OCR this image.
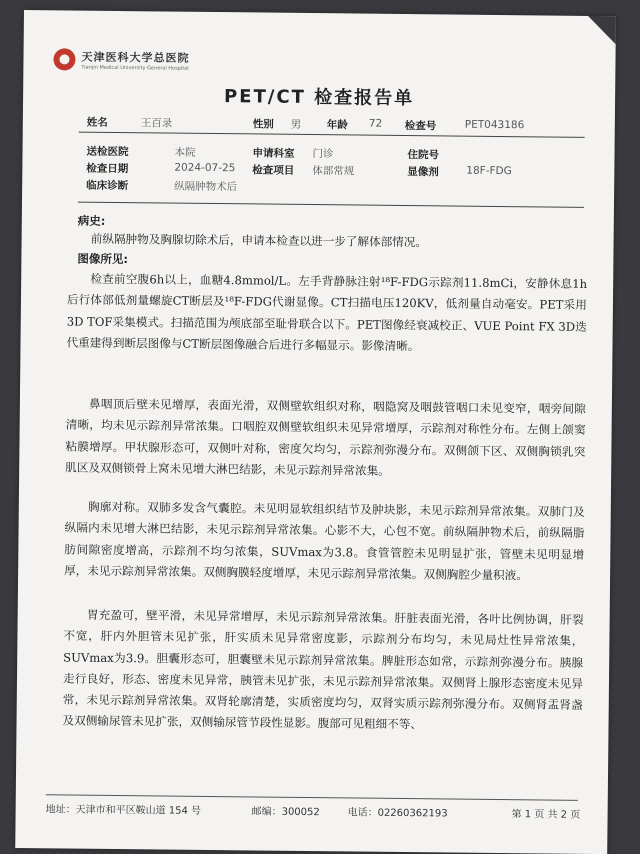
天津医科大学总医院
Tianjin Medical University General Hospital
PET/CT 检查报告单
姓名	王百录	性别 男 年龄 72 检查号	PET043186
送检医院	本院	申请科室 门诊	住院号
检查日期	2024-07-25 检查项目 体部常规	显像剂	18F-FDG
临床诊断	纵隔肿物术后
病史:
前纵隔肿物及胸腺切除术后，申请本检查以进一步了解体部情况。
图像所见:
检查前空腹6h以上，血糖4.8mmol/L。左手背静脉注射¹⁸F-FDG示踪剂11.8mCi，安静休息1h后行体部低剂量螺旋CT断层及¹⁸F-FDG代谢显像。CT扫描电压120KV，低剂量自动毫安。PET采用3D TOF采集模式。扫描范围为颅底部至耻骨联合以下。PET图像经衰减校正、VUE Point FX 3D迭代重建得到断层图像与CT断层图像融合后进行多幅显示。影像清晰。
鼻咽顶后壁未见增厚，表面光滑，双侧壁软组织对称，咽隐窝及咽鼓管咽口未见变窄，咽旁间隙清晰，均未见示踪剂异常浓集。口咽腔双侧壁软组织未见异常增厚，示踪剂对称性分布。左侧上颌窦粘膜增厚。甲状腺形态可，双侧叶对称，密度欠均匀，示踪剂弥漫分布。双侧颌下区、双侧胸锁乳突肌区及双侧锁骨上窝未见增大淋巴结影，未见示踪剂异常浓集。
胸廓对称。双肺多发含气囊腔。未见明显软组织结节及肿块影，未见示踪剂异常浓集。双肺门及纵隔内未见增大淋巴结影，未见示踪剂异常浓集。心影不大，心包不宽。前纵隔肿物术后，前纵隔脂肪间隙密度增高，示踪剂不均匀浓集，SUVmax为3.8。食管管腔未见明显扩张，管壁未见明显增厚，未见示踪剂异常浓集。双侧胸膜轻度增厚，未见示踪剂异常浓集。双侧胸腔少量积液。
胃充盈可，壁平滑，未见异常增厚，未见示踪剂异常浓集。肝脏表面光滑，各叶比例协调，肝裂不宽，肝内外胆管未见扩张，肝实质未见异常密度影，示踪剂分布均匀，未见局灶性异常浓集，SUVmax为3.9。胆囊形态可，胆囊壁未见示踪剂异常浓集。脾脏形态如常，示踪剂弥漫分布。胰腺走行良好，形态、密度未见异常，胰管未见扩张，未见示踪剂异常浓集。双侧肾上腺形态密度未见异常，未见示踪剂异常浓集。双肾轮廓清楚，实质密度均匀，双肾实质示踪剂弥漫分布。双侧肾盂肾盏及双侧输尿管未见扩张，双侧输尿管节段性显影。腹部可见粗细不等、
地址：天津市和平区鞍山道 154 号	邮编：300052	电话：02260362193	第 1 页 共 2 页
